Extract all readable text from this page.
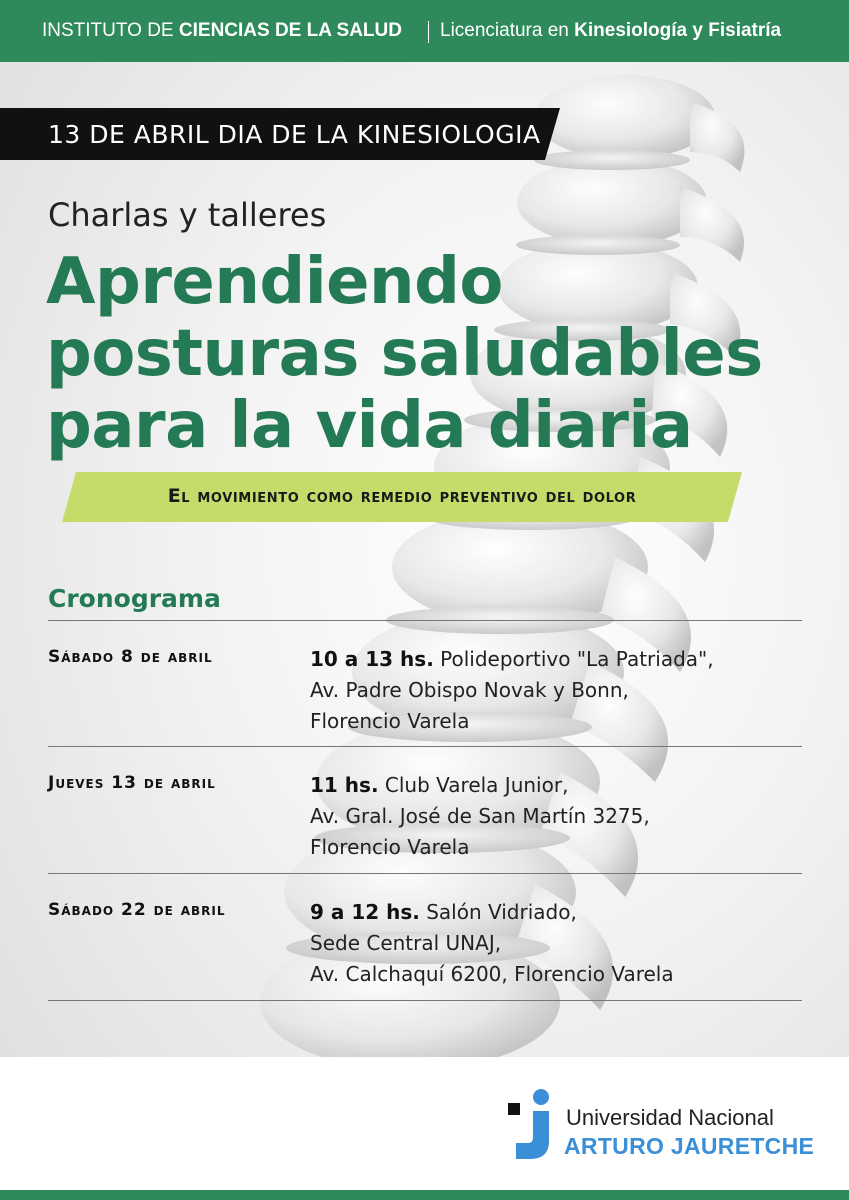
INSTITUTO DE CIENCIAS DE LA SALUD Licenciatura en Kinesiología y Fisiatría
13 DE ABRIL DIA DE LA KINESIOLOGIA
Charlas y talleres
Aprendiendo
posturas saludables
para la vida diaria
El movimiento como remedio preventivo del dolor
Cronograma
Sábado 8 de abril	10 a 13 hs. Polideportivo "La Patriada",
Av. Padre Obispo Novak y Bonn,
Florencio Varela
Jueves 13 de abril	11 hs. Club Varela Junior,
Av. Gral. José de San Martín 3275,
Florencio Varela
Sábado 22 de abril	9 a 12 hs. Salón Vidriado,
Sede Central UNAJ,
Av. Calchaquí 6200, Florencio Varela
Universidad Nacional
ARTURO JAURETCHE
